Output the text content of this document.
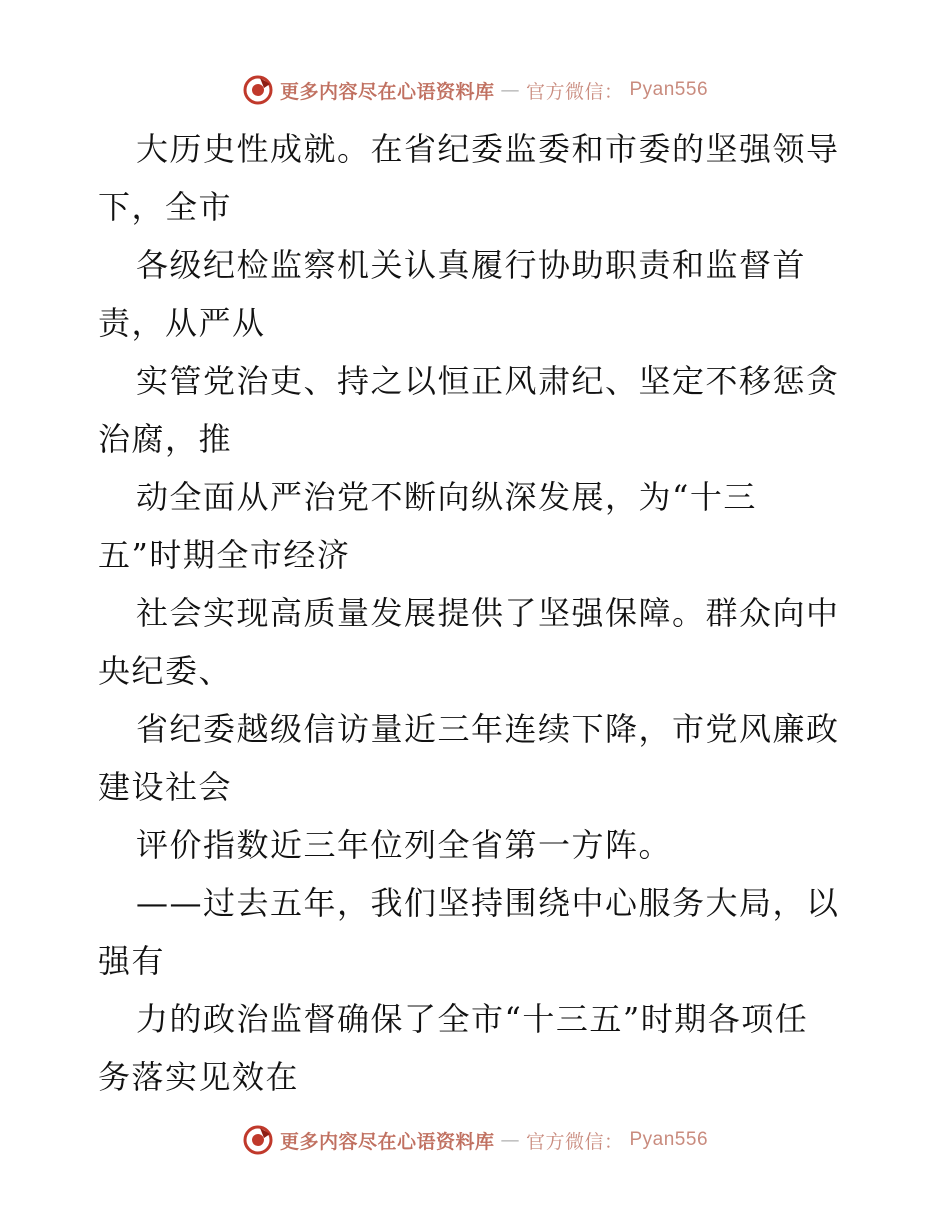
更多内容尽在心语资料库 — 官方微信： Pyan556
大历史性成就。在省纪委监委和市委的坚强领导
下，全市
各级纪检监察机关认真履行协助职责和监督首
责，从严从
实管党治吏、持之以恒正风肃纪、坚定不移惩贪
治腐，推
动全面从严治党不断向纵深发展，为“十三
五”时期全市经济
社会实现高质量发展提供了坚强保障。群众向中
央纪委、
省纪委越级信访量近三年连续下降，市党风廉政
建设社会
评价指数近三年位列全省第一方阵。
——过去五年，我们坚持围绕中心服务大局，以
强有
力的政治监督确保了全市“十三五”时期各项任
务落实见效在
更多内容尽在心语资料库 — 官方微信： Pyan556
